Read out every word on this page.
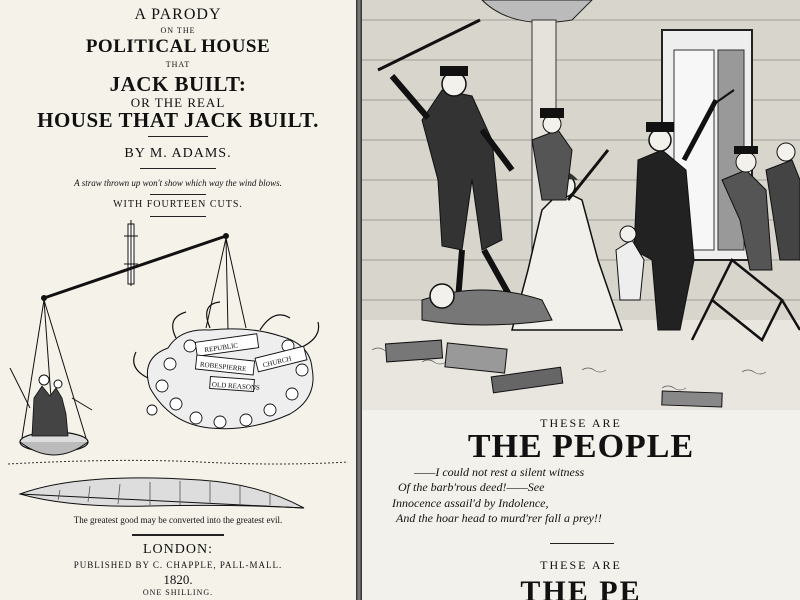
A PARODY
ON THE
POLITICAL HOUSE
THAT
JACK BUILT:
OR THE REAL
HOUSE THAT JACK BUILT.
BY M. ADAMS.
A straw thrown up won't show which way the wind blows.
WITH FOURTEEN CUTS.
REPUBLIC
ROBESPIERRE CHURCH
OLD REASONS
The greatest good may be converted into the greatest evil.
LONDON:
PUBLISHED BY C. CHAPPLE, PALL-MALL.
1820.
ONE SHILLING.
THESE ARE
THE PEOPLE
——I could not rest a silent witness
Of the barb'rous deed!——See
Innocence assail'd by Indolence,
And the hoar head to murd'rer fall a prey!!
THESE ARE
THE PE
